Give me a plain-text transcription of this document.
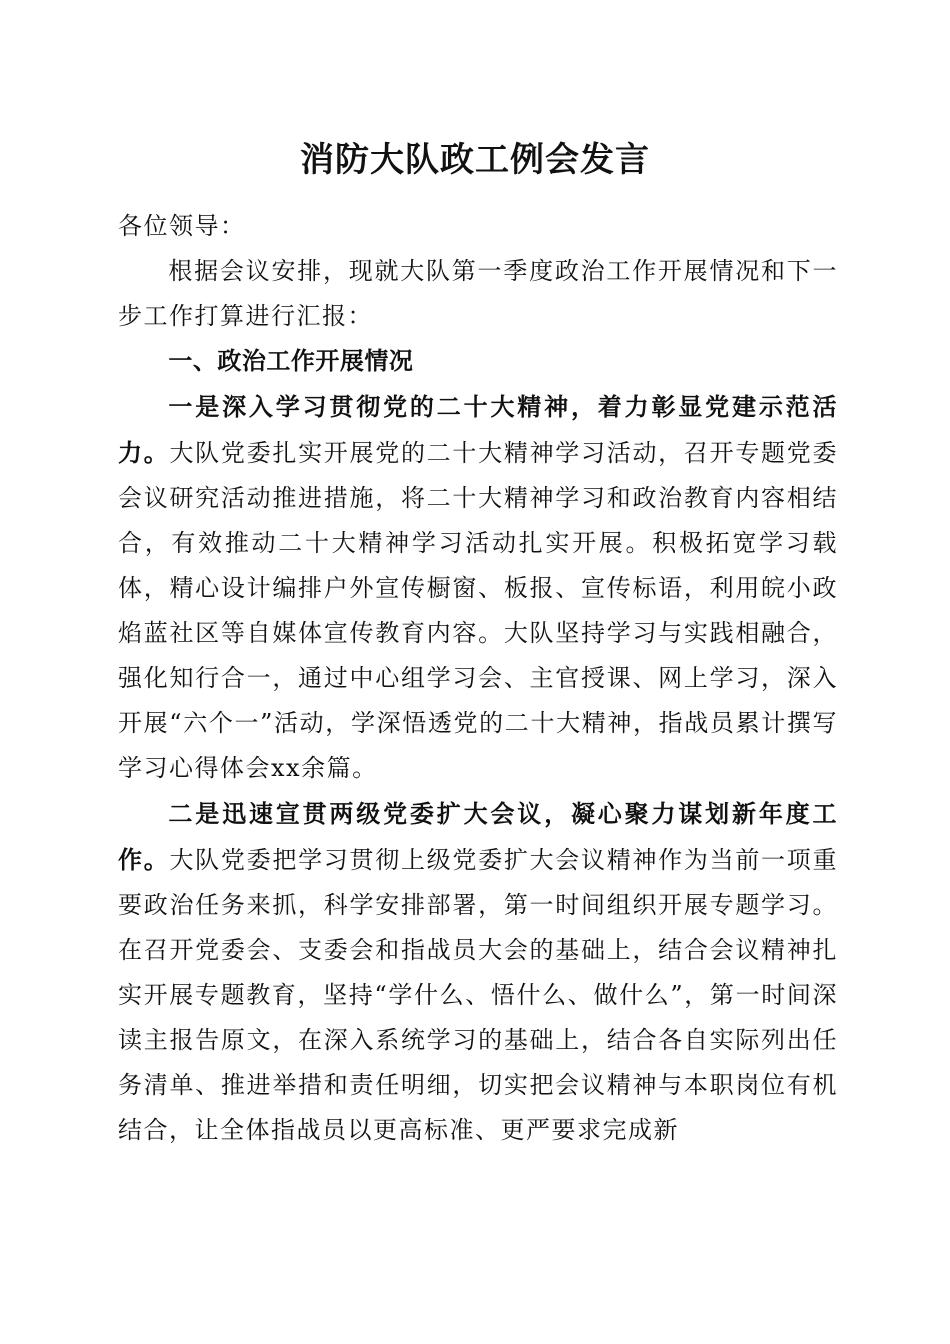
消防大队政工例会发言

各位领导：

根据会议安排，现就大队第一季度政治工作开展情况和下一步工作打算进行汇报：

一、政治工作开展情况

一是深入学习贯彻党的二十大精神，着力彰显党建示范活力。大队党委扎实开展党的二十大精神学习活动，召开专题党委会议研究活动推进措施，将二十大精神学习和政治教育内容相结合，有效推动二十大精神学习活动扎实开展。积极拓宽学习载体，精心设计编排户外宣传橱窗、板报、宣传标语，利用皖小政焰蓝社区等自媒体宣传教育内容。大队坚持学习与实践相融合，强化知行合一，通过中心组学习会、主官授课、网上学习，深入开展“六个一”活动，学深悟透党的二十大精神，指战员累计撰写学习心得体会xx余篇。

二是迅速宣贯两级党委扩大会议，凝心聚力谋划新年度工作。大队党委把学习贯彻上级党委扩大会议精神作为当前一项重要政治任务来抓，科学安排部署，第一时间组织开展专题学习。在召开党委会、支委会和指战员大会的基础上，结合会议精神扎实开展专题教育，坚持“学什么、悟什么、做什么”，第一时间深读主报告原文，在深入系统学习的基础上，结合各自实际列出任务清单、推进举措和责任明细，切实把会议精神与本职岗位有机结合，让全体指战员以更高标准、更严要求完成新
